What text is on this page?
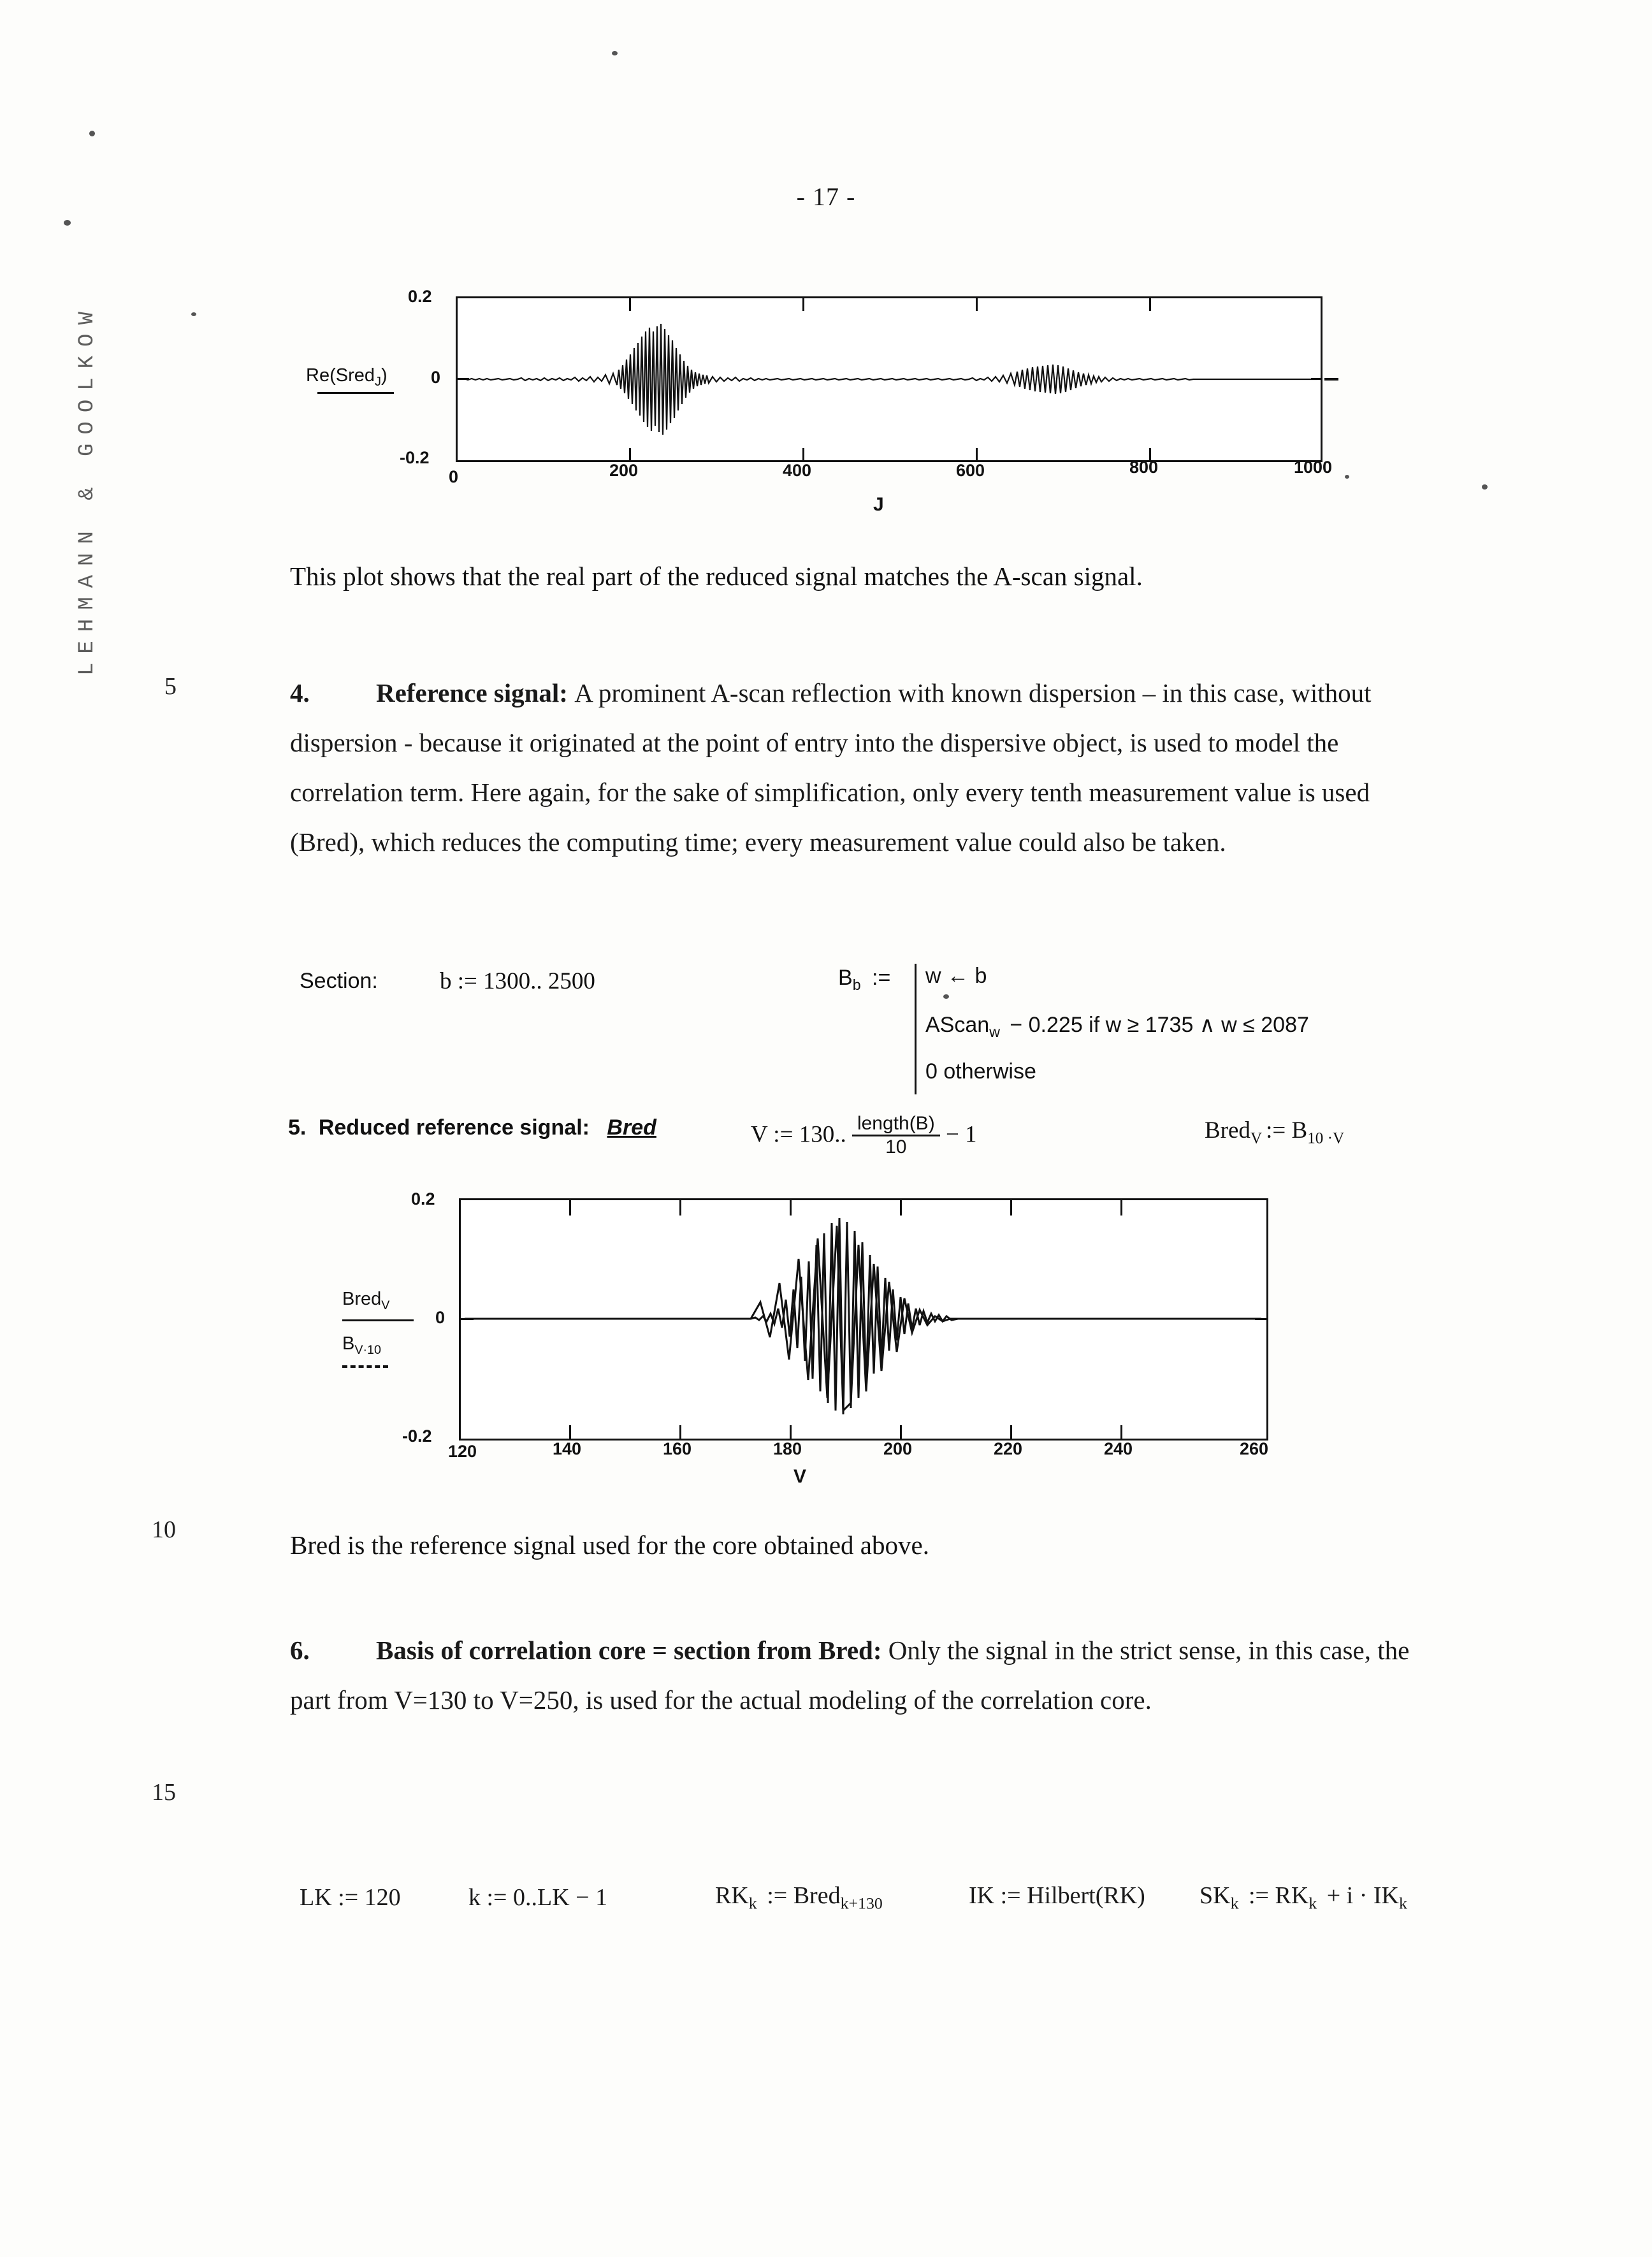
- 17 -
LEHMANN & GOOLKOW
5
10
15
0.2
0
-0.2
0	200	400	600	800	1000
J
Re(Sred$_J$)
This plot shows that the real part of the reduced signal matches the A-scan signal.
4.	Reference signal: A prominent A-scan reflection with known dispersion – in this case, without dispersion - because it originated at the point of entry into the dispersive object, is used to model the correlation term. Here again, for the sake of simplification, only every tenth measurement value is used (Bred), which reduces the computing time; every measurement value could also be taken.
Section:	b := 1300.. 2500	$B_b$ := w ← b
AScan$_w$ − 0.225 if w ≥ 1735 ∧ w ≤ 2087
0 otherwise
5. Reduced reference signal: Bred	V := 130.. $\frac{\text{length(B)}}{10} - 1$	Bred$_V$ := $B_{10 \cdot V}$
0.2
0
-0.2
120	140	160	180	200	220	240	260
V
Bred$_V$
$B_{V\cdot 10}$
Bred is the reference signal used for the core obtained above.
6.	Basis of correlation core = section from Bred: Only the signal in the strict sense, in this case, the part from V=130 to V=250, is used for the actual modeling of the correlation core.
LK := 120	k := 0..LK − 1	$RK_k$ := Bred$_{k+130}$	IK := Hilbert(RK) $SK_k$ := $RK_k + i \cdot IK_k$
